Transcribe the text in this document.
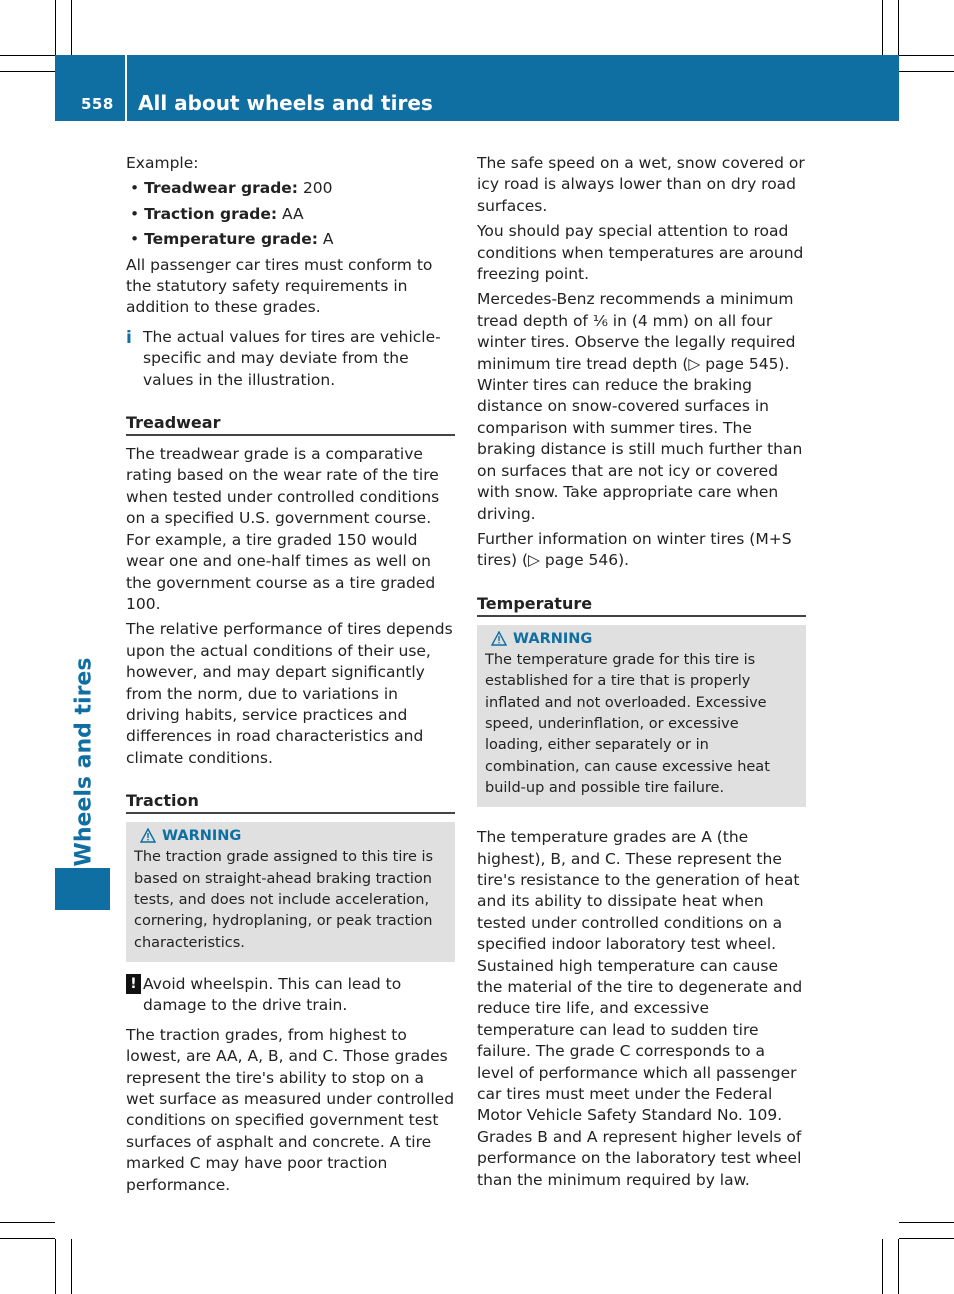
558 All about wheels and tires
Wheels and tires

Example:

• Treadwear grade: 200
• Traction grade: AA
• Temperature grade: A

All passenger car tires must conform to the statutory safety requirements in addition to these grades.

i The actual values for tires are vehicle-specific and may deviate from the values in the illustration.
Treadwear

The treadwear grade is a comparative rating based on the wear rate of the tire when tested under controlled conditions on a specified U.S. government course. For example, a tire graded 150 would wear one and one-half times as well on the government course as a tire graded 100.

The relative performance of tires depends upon the actual conditions of their use, however, and may depart significantly from the norm, due to variations in driving habits, service practices and differences in road characteristics and climate conditions.

Traction
WARNING
The traction grade assigned to this tire is based on straight-ahead braking traction tests, and does not include acceleration, cornering, hydroplaning, or peak traction characteristics.
! Avoid wheelspin. This can lead to damage to the drive train.

The traction grades, from highest to lowest, are AA, A, B, and C. Those grades represent the tire's ability to stop on a wet surface as measured under controlled conditions on specified government test surfaces of asphalt and concrete. A tire marked C may have poor traction performance.

The safe speed on a wet, snow covered or icy road is always lower than on dry road surfaces.

You should pay special attention to road conditions when temperatures are around freezing point.

Mercedes-Benz recommends a minimum tread depth of ⅙ in (4 mm) on all four winter tires. Observe the legally required minimum tire tread depth (▷ page 545). Winter tires can reduce the braking distance on snow-covered surfaces in comparison with summer tires. The braking distance is still much further than on surfaces that are not icy or covered with snow. Take appropriate care when driving.

Further information on winter tires (M+S tires) (▷ page 546).

Temperature
WARNING
The temperature grade for this tire is established for a tire that is properly inflated and not overloaded. Excessive speed, underinflation, or excessive loading, either separately or in combination, can cause excessive heat build-up and possible tire failure.

The temperature grades are A (the highest), B, and C. These represent the tire's resistance to the generation of heat and its ability to dissipate heat when tested under controlled conditions on a specified indoor laboratory test wheel. Sustained high temperature can cause the material of the tire to degenerate and reduce tire life, and excessive temperature can lead to sudden tire failure. The grade C corresponds to a level of performance which all passenger car tires must meet under the Federal Motor Vehicle Safety Standard No. 109. Grades B and A represent higher levels of performance on the laboratory test wheel than the minimum required by law.
